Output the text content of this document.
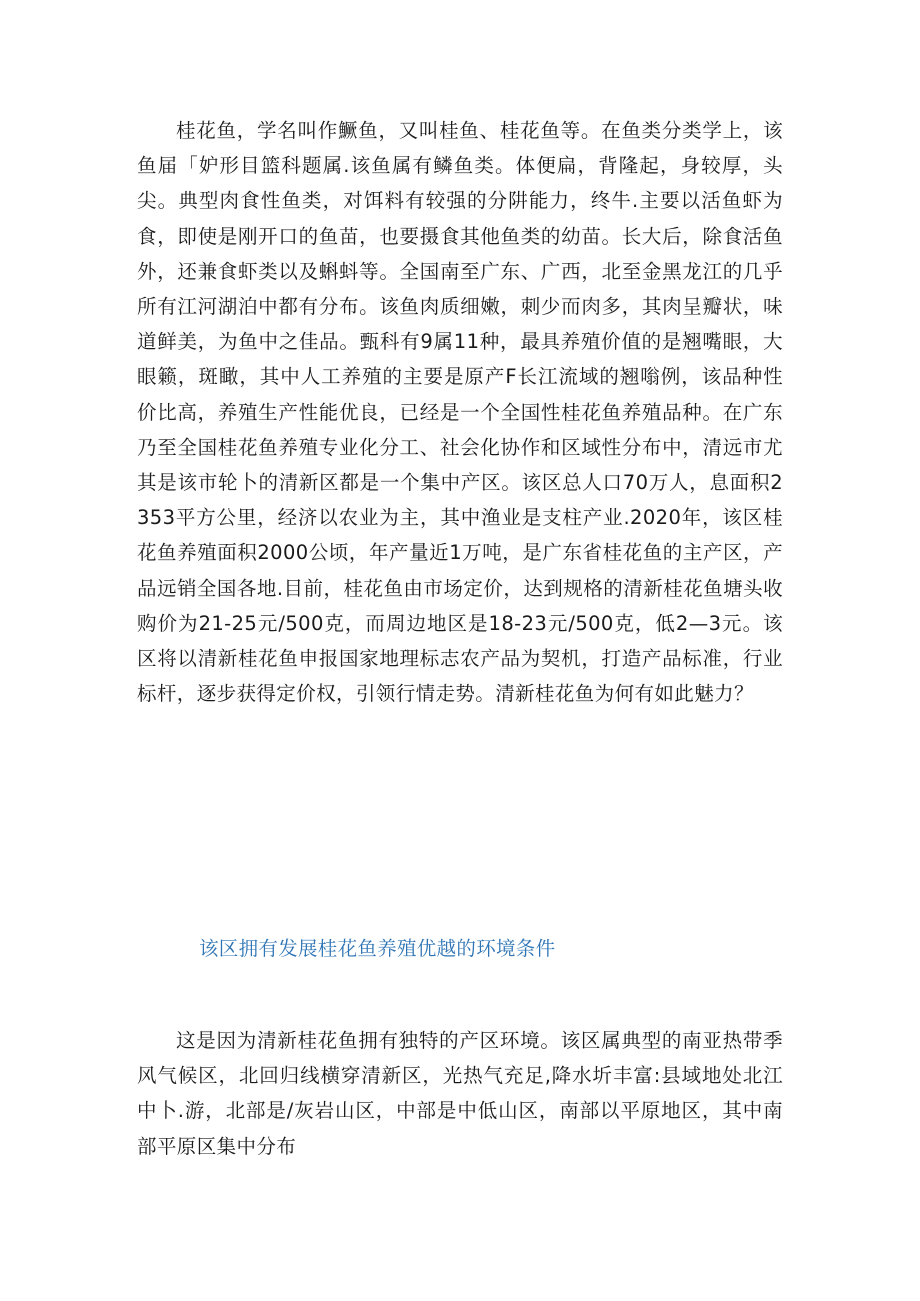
桂花鱼，学名叫作鱖鱼，又叫桂鱼、桂花鱼等。在鱼类分类学上，该鱼届「妒形目篮科题属.该鱼属有鳞鱼类。体便扁，背隆起，身较厚，头尖。典型肉食性鱼类，对饵料有较强的分阱能力，终牛.主要以活鱼虾为食，即使是刚开口的鱼苗，也要摄食其他鱼类的幼苗。长大后，除食活鱼外，还兼食虾类以及蝌蚪等。全国南至广东、广西，北至金黑龙江的几乎所有江河湖泊中都有分布。该鱼肉质细嫩，刺少而肉多，其肉呈瓣状，味道鲜美，为鱼中之佳品。甄科有9属11种，最具养殖价值的是翘嘴眼，大眼籁，斑瞰，其中人工养殖的主要是原产F长江流域的翘嗡例，该品种性价比高，养殖生产性能优良，已经是一个全国性桂花鱼养殖品种。在广东乃至全国桂花鱼养殖专业化分工、社会化协作和区域性分布中，清远市尤其是该市轮卜的清新区都是一个集中产区。该区总人口70万人，息面积2353平方公里，经济以农业为主，其中渔业是支柱产业.2020年，该区桂花鱼养殖面积2000公顷，年产量近1万吨，是广东省桂花鱼的主产区，产品远销全国各地.目前，桂花鱼由市场定价，达到规格的清新桂花鱼塘头收购价为21-25元/500克，而周边地区是18-23元/500克，低2—3元。该区将以清新桂花鱼申报国家地理标志农产品为契机，打造产品标准，行业标杆，逐步获得定价权，引领行情走势。清新桂花鱼为何有如此魅力？

该区拥有发展桂花鱼养殖优越的环境条件

这是因为清新桂花鱼拥有独特的产区环境。该区属典型的南亚热带季风气候区，北回归线横穿清新区，光热气充足,降水圻丰富:县域地处北江中卜.游，北部是/灰岩山区，中部是中低山区，南部以平原地区，其中南部平原区集中分布
